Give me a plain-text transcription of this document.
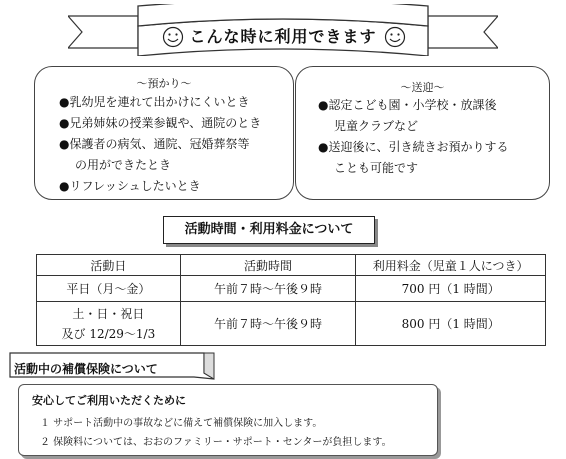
こんな時に利用できます
～預かり～
●乳幼児を連れて出かけにくいとき
●兄弟姉妹の授業参観や、通院のとき
●保護者の病気、通院、冠婚葬祭等
の用ができたとき
●リフレッシュしたいとき
～送迎～
●認定こども園・小学校・放課後
児童クラブなど
●送迎後に、引き続きお預かりする
ことも可能です
活動時間・利用料金について
活動日	活動時間	利用料金（児童１人につき）
平日（月～金）	午前７時～午後９時	700 円（1 時間）

土・日・祝日
及び 12/29～1/3	午前７時～午後９時	800 円（1 時間）
活動中の補償保険について
安心してご利用いただくために
１ サポート活動中の事故などに備えて補償保険に加入します。
２ 保険料については、おおのファミリー・サポート・センターが負担します。
